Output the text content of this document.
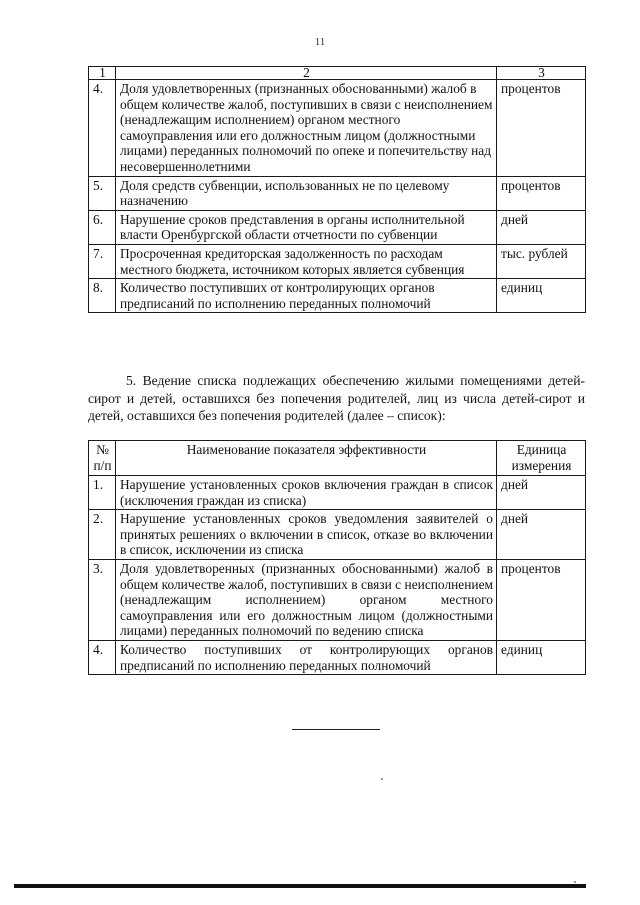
11
1	2	3
4.	Доля удовлетворенных (признанных обоснованными) жалоб в общем количестве жалоб, поступивших в связи с неисполнением (ненадлежащим исполнением) органом местного самоуправления или его должностным лицом (должностными лицами) переданных полномочий по опеке и попечительству над несовершеннолетними	процентов
5.	Доля средств субвенции, использованных не по целевому назначению	процентов
6.	Нарушение сроков представления в органы исполнительной власти Оренбургской области отчетности по субвенции	дней
7.	Просроченная кредиторская задолженность по расходам местного бюджета, источником которых является субвенция	тыс. рублей
8.	Количество поступивших от контролирующих органов предписаний по исполнению переданных полномочий	единиц
5. Ведение списка подлежащих обеспечению жилыми помещениями детей-сирот и детей, оставшихся без попечения родителей, лиц из числа детей-сирот и детей, оставшихся без попечения родителей (далее – список):
№ п/п	Наименование показателя эффективности	Единица измерения
1.	Нарушение установленных сроков включения граждан в список (исключения граждан из списка)	дней
2.	Нарушение установленных сроков уведомления заявителей о принятых решениях о включении в список, отказе во включении в список, исключении из списка	дней
3.	Доля удовлетворенных (признанных обоснованными) жалоб в общем количестве жалоб, поступивших в связи с неисполнением (ненадлежащим исполнением) органом местного самоуправления или его должностным лицом (должностными лицами) переданных полномочий по ведению списка	процентов
4.	Количество поступивших от контролирующих органов предписаний по исполнению переданных полномочий	единиц
